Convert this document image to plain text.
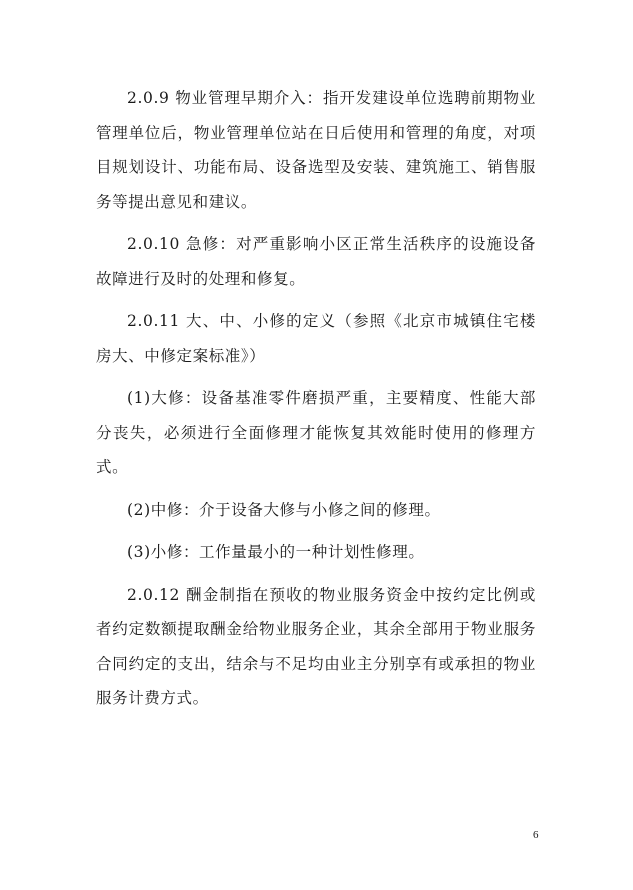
2.0.9 物业管理早期介入：指开发建设单位选聘前期物业管理单位后，物业管理单位站在日后使用和管理的角度，对项目规划设计、功能布局、设备选型及安装、建筑施工、销售服务等提出意见和建议。

2.0.10 急修：对严重影响小区正常生活秩序的设施设备故障进行及时的处理和修复。

2.0.11 大、中、小修的定义（参照《北京市城镇住宅楼房大、中修定案标准》）

(1)大修：设备基准零件磨损严重，主要精度、性能大部分丧失，必须进行全面修理才能恢复其效能时使用的修理方式。

(2)中修：介于设备大修与小修之间的修理。

(3)小修：工作量最小的一种计划性修理。

2.0.12 酬金制指在预收的物业服务资金中按约定比例或者约定数额提取酬金给物业服务企业，其余全部用于物业服务合同约定的支出，结余与不足均由业主分别享有或承担的物业服务计费方式。

6
